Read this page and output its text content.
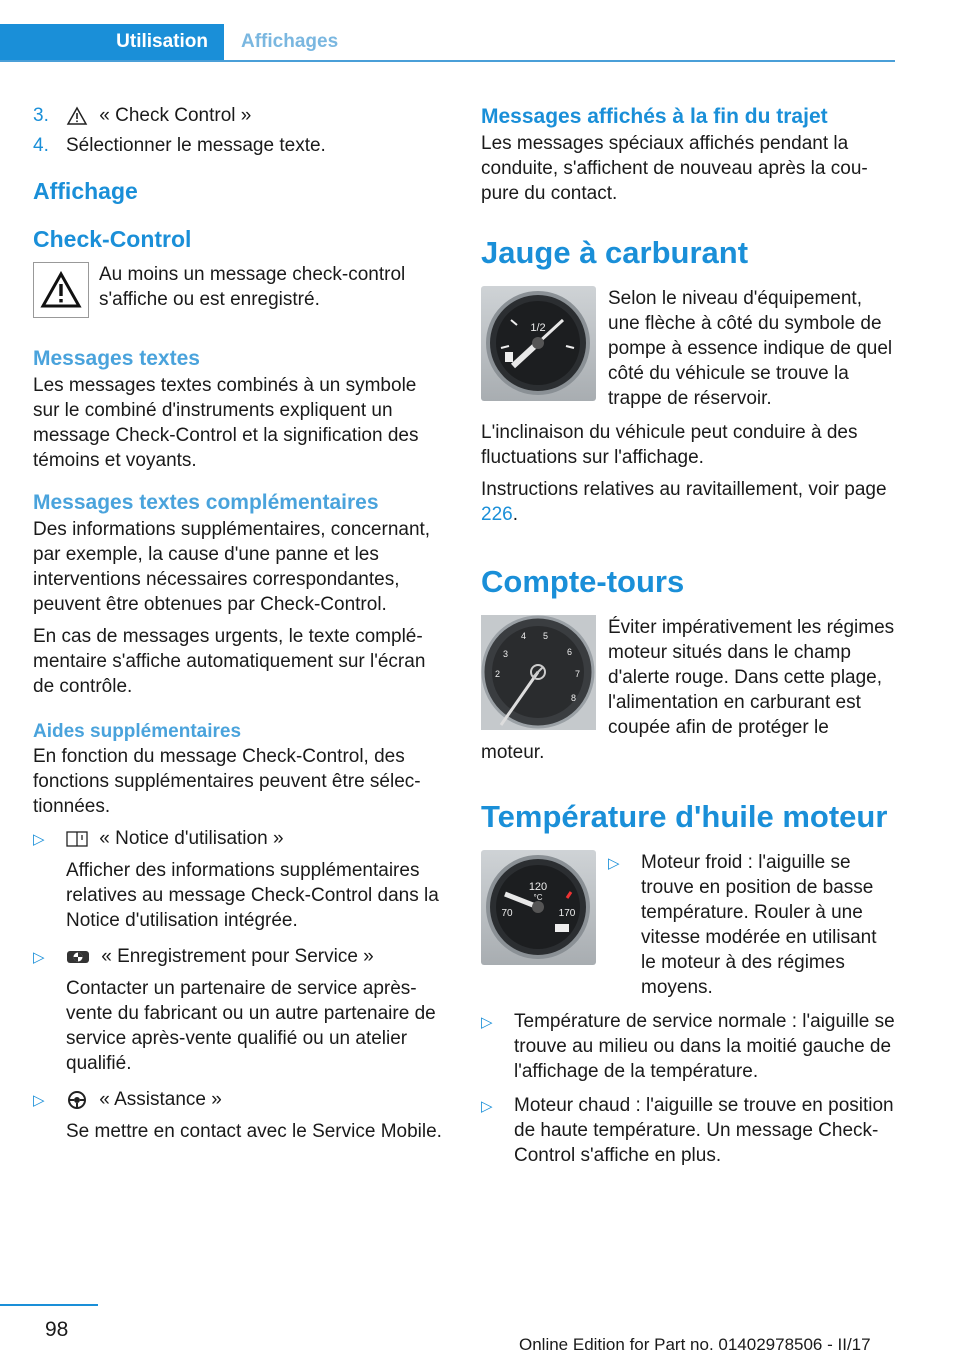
Utilisation	Affichages
3.	« Check Control »
4. Sélectionner le message texte.
Affichage
Check-Control

Au moins un message check-control s'affiche ou est enregistré.

Messages textes

Les messages textes combinés à un symbole sur le combiné d'instruments expliquent un message Check-Control et la signification des témoins et voyants.

Messages textes complémentaires

Des informations supplémentaires, concernant, par exemple, la cause d'une panne et les interventions nécessaires correspondantes, peuvent être obtenues par Check-Control.

En cas de messages urgents, le texte complémentaire s'affiche automatiquement sur l'écran de contrôle.

Aides supplémentaires

En fonction du message Check-Control, des fonctions supplémentaires peuvent être sélectionnées.

▷	« Notice d'utilisation »

Afficher des informations supplémentaires relatives au message Check-Control dans la Notice d'utilisation intégrée.

▷	« Enregistrement pour Service »

Contacter un partenaire de service après-vente du fabricant ou un autre partenaire de service après-vente qualifié ou un atelier qualifié.

▷	« Assistance »

Se mettre en contact avec le Service Mobile.

Messages affichés à la fin du trajet

Les messages spéciaux affichés pendant la conduite, s'affichent de nouveau après la coupure du contact.

Jauge à carburant
1/2

Selon le niveau d'équipement, une flèche à côté du symbole de pompe à essence indique de quel côté du véhicule se trouve la trappe de réservoir.

L'inclinaison du véhicule peut conduire à des fluctuations sur l'affichage.

Instructions relatives au ravitaillement, voir page 226.

Compte-tours
3
4 5
6
7
8
2

Éviter impérativement les régimes moteur situés dans le champ d'alerte rouge. Dans cette plage, l'alimentation en carburant est coupée afin de protéger le moteur.

Température d'huile moteur
120
°C
70	170
▷	Moteur froid : l'aiguille se trouve en position de basse température. Rouler à une vitesse modérée en utilisant le moteur à des régimes moyens.

▷	Température de service normale : l'aiguille se trouve au milieu ou dans la moitié gauche de l'affichage de la température.

▷	Moteur chaud : l'aiguille se trouve en position de haute température. Un message Check-Control s'affiche en plus.

98
Online Edition for Part no. 01402978506 - II/17
